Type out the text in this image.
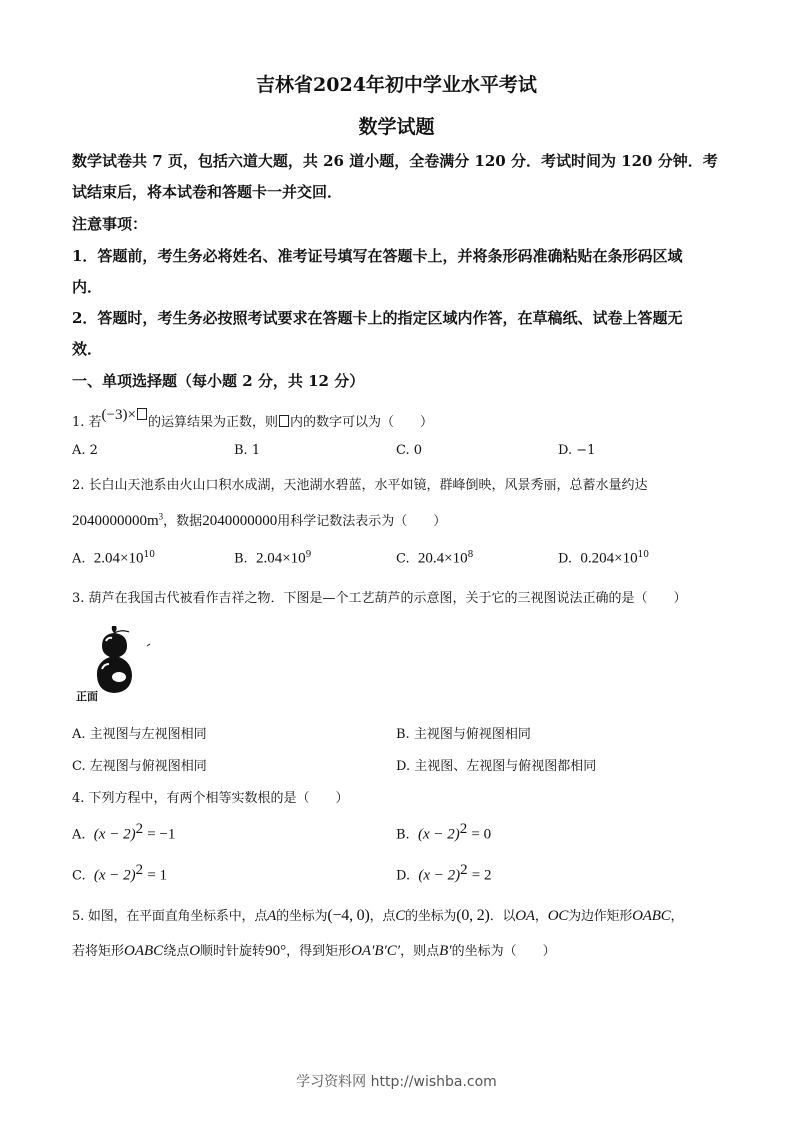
吉林省2024年初中学业水平考试
数学试题
数学试卷共 7 页，包括六道大题，共 26 道小题，全卷满分 120 分．考试时间为 120 分钟．考
试结束后，将本试卷和答题卡一并交回．
注意事项：
1．答题前，考生务必将姓名、准考证号填写在答题卡上，并将条形码准确粘贴在条形码区域
内．
2．答题时，考生务必按照考试要求在答题卡上的指定区域内作答，在草稿纸、试卷上答题无
效．
一、单项选择题（每小题 2 分，共 12 分）
1. 若(−3)× 的运算结果为正数，则 内的数字可以为（　　）
A. 2	B. 1	C. 0	D. −1
2. 长白山天池系由火山口积水成湖，天池湖水碧蓝，水平如镜，群峰倒映，风景秀丽，总蓄水量约达
$2040000000m^3$，数据2040000000用科学记数法表示为（　　）
A. $2.04\times 10^{10}$	B. $2.04\times 10^9$	C. $20.4\times 10^8$	D. $0.204\times 10^{10}$
3. 葫芦在我国古代被看作吉祥之物．下图是—个工艺葫芦的示意图，关于它的三视图说法正确的是（　　）
正面
A. 主视图与左视图相同	B. 主视图与俯视图相同
C. 左视图与俯视图相同	D. 主视图、左视图与俯视图都相同
4. 下列方程中，有两个相等实数根的是（　　）
A. $(x - 2)^2 = -1$	B. $(x - 2)^2 = 0$
C. $(x - 2)^2 = 1$	D. $(x - 2)^2 = 2$
5. 如图，在平面直角坐标系中，点A的坐标为(−4, 0)，点C的坐标为(0, 2)．以OA，OC为边作矩形OABC，
若将矩形OABC绕点O顺时针旋转90°，得到矩形OA′B′C′，则点B′的坐标为（　　）
学习资料网 http://wishba.com
